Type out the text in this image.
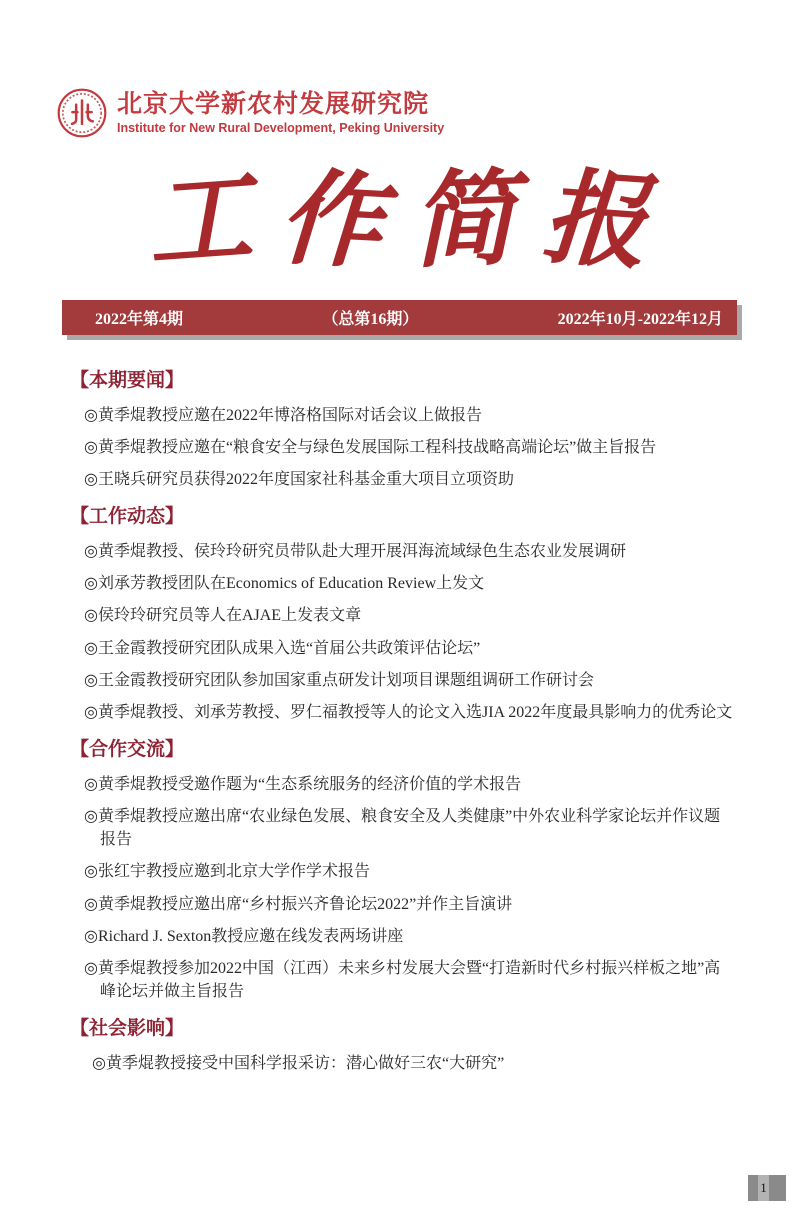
北京大学新农村发展研究院
Institute for New Rural Development, Peking University
工 作 简 报
2022年第4期	（总第16期）	2022年10月-2022年12月
【本期要闻】
◎黄季焜教授应邀在2022年博洛格国际对话会议上做报告
◎黄季焜教授应邀在“粮食安全与绿色发展国际工程科技战略高端论坛”做主旨报告
◎王晓兵研究员获得2022年度国家社科基金重大项目立项资助
【工作动态】
◎黄季焜教授、侯玲玲研究员带队赴大理开展洱海流域绿色生态农业发展调研
◎刘承芳教授团队在Economics of Education Review上发文
◎侯玲玲研究员等人在AJAE上发表文章
◎王金霞教授研究团队成果入选“首届公共政策评估论坛”
◎王金霞教授研究团队参加国家重点研发计划项目课题组调研工作研讨会
◎黄季焜教授、刘承芳教授、罗仁福教授等人的论文入选JIA 2022年度最具影响力的优秀论文
【合作交流】
◎黄季焜教授受邀作题为“生态系统服务的经济价值的学术报告
◎黄季焜教授应邀出席“农业绿色发展、粮食安全及人类健康”中外农业科学家论坛并作议题
报告
◎张红宇教授应邀到北京大学作学术报告
◎黄季焜教授应邀出席“乡村振兴齐鲁论坛2022”并作主旨演讲
◎Richard J. Sexton教授应邀在线发表两场讲座
◎黄季焜教授参加2022中国（江西）未来乡村发展大会暨“打造新时代乡村振兴样板之地”高
峰论坛并做主旨报告
【社会影响】
◎黄季焜教授接受中国科学报采访：潜心做好三农“大研究”
1
